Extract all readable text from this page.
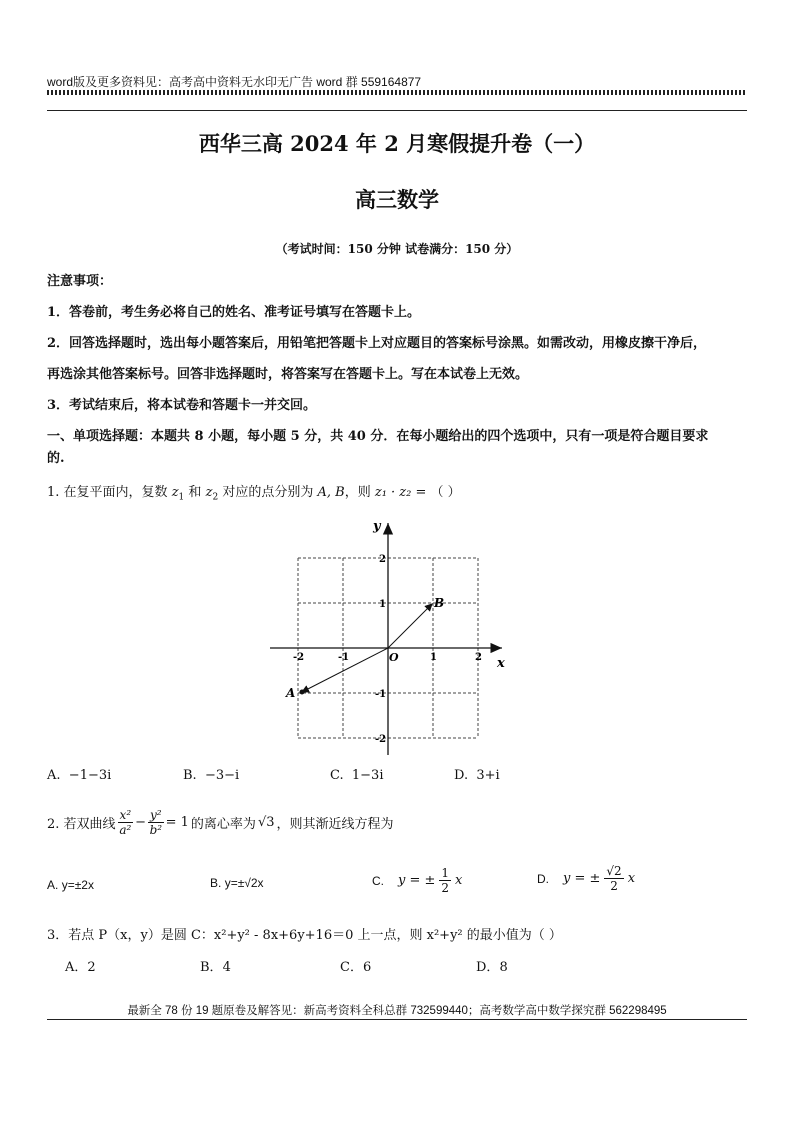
word版及更多资料见：高考高中资料无水印无广告 word 群 559164877
西华三高 2024 年 2 月寒假提升卷（一）
高三数学
（考试时间：150 分钟 试卷满分：150 分）
注意事项：
1．答卷前，考生务必将自己的姓名、准考证号填写在答题卡上。
2．回答选择题时，选出每小题答案后，用铅笔把答题卡上对应题目的答案标号涂黑。如需改动，用橡皮擦干净后，
再选涂其他答案标号。回答非选择题时，将答案写在答题卡上。写在本试卷上无效。
3．考试结束后，将本试卷和答题卡一并交回。
一、单项选择题：本题共 8 小题，每小题 5 分，共 40 分．在每小题给出的四个选项中，只有一项是符合题目要求
的.
1. 在复平面内，复数 $z_1$ 和 $z_2$ 对应的点分别为 A, B，则 z₁ · z₂ = （ ）
x
y
O
-2	-1	1	2
2
1
-1
-2
A
B
A. −1−3i	B. −3−i	C. 1−3i	D. 3+i
2. 若双曲线 $\frac{\text{x²}}{\text{a²}} - \frac{\text{y²}}{\text{b²}} = 1$ 的离心率为 √3 ，则其渐近线方程为
A. y=±2x	B. y=±√2x	C. y = ± $\frac{1}{2}$ x	D. y = ± $\frac{√2}{2}$ x
3．若点 P（x，y）是圆 C：x²+y² - 8x+6y+16＝0 上一点，则 x²+y² 的最小值为（ ）
A．2	B．4	C．6	D．8
最新全 78 份 19 题原卷及解答见：新高考资料全科总群 732599440；高考数学高中数学探究群 562298495
